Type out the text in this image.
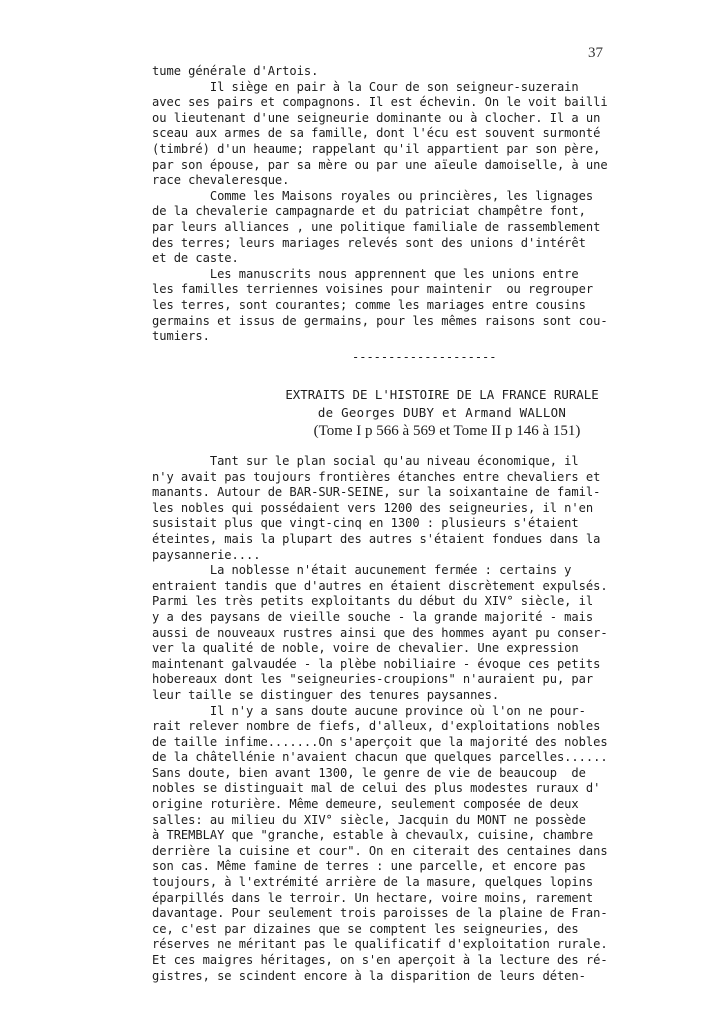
37
tume générale d'Artois.
Il siège en pair à la Cour de son seigneur-suzerain
avec ses pairs et compagnons. Il est échevin. On le voit bailli
ou lieutenant d'une seigneurie dominante ou à clocher. Il a un
sceau aux armes de sa famille, dont l'écu est souvent surmonté
(timbré) d'un heaume; rappelant qu'il appartient par son père,
par son épouse, par sa mère ou par une aïeule damoiselle, à une
race chevaleresque.
Comme les Maisons royales ou princières, les lignages
de la chevalerie campagnarde et du patriciat champêtre font,
par leurs alliances , une politique familiale de rassemblement
des terres; leurs mariages relevés sont des unions d'intérêt
et de caste.
Les manuscrits nous apprennent que les unions entre
les familles terriennes voisines pour maintenir  ou regrouper
les terres, sont courantes; comme les mariages entre cousins
germains et issus de germains, pour les mêmes raisons sont cou-
tumiers.
--------------------
EXTRAITS DE L'HISTOIRE DE LA FRANCE RURALE
de Georges DUBY et Armand WALLON
(Tome I p 566 à 569 et Tome II p 146 à 151)
Tant sur le plan social qu'au niveau économique, il
n'y avait pas toujours frontières étanches entre chevaliers et
manants. Autour de BAR-SUR-SEINE, sur la soixantaine de famil-
les nobles qui possédaient vers 1200 des seigneuries, il n'en
susistait plus que vingt-cinq en 1300 : plusieurs s'étaient
éteintes, mais la plupart des autres s'étaient fondues dans la
paysannerie....
La noblesse n'était aucunement fermée : certains y
entraient tandis que d'autres en étaient discrètement expulsés.
Parmi les très petits exploitants du début du XIV° siècle, il
y a des paysans de vieille souche - la grande majorité - mais
aussi de nouveaux rustres ainsi que des hommes ayant pu conser-
ver la qualité de noble, voire de chevalier. Une expression
maintenant galvaudée - la plèbe nobiliaire - évoque ces petits
hobereaux dont les "seigneuries-croupions" n'auraient pu, par
leur taille se distinguer des tenures paysannes.
Il n'y a sans doute aucune province où l'on ne pour-
rait relever nombre de fiefs, d'alleux, d'exploitations nobles
de taille infime.......On s'aperçoit que la majorité des nobles
de la châtellénie n'avaient chacun que quelques parcelles......
Sans doute, bien avant 1300, le genre de vie de beaucoup  de
nobles se distinguait mal de celui des plus modestes ruraux d'
origine roturière. Même demeure, seulement composée de deux
salles: au milieu du XIV° siècle, Jacquin du MONT ne possède
à TREMBLAY que "granche, estable à chevaulx, cuisine, chambre
derrière la cuisine et cour". On en citerait des centaines dans
son cas. Même famine de terres : une parcelle, et encore pas
toujours, à l'extrémité arrière de la masure, quelques lopins
éparpillés dans le terroir. Un hectare, voire moins, rarement
davantage. Pour seulement trois paroisses de la plaine de Fran-
ce, c'est par dizaines que se comptent les seigneuries, des
réserves ne méritant pas le qualificatif d'exploitation rurale.
Et ces maigres héritages, on s'en aperçoit à la lecture des ré-
gistres, se scindent encore à la disparition de leurs déten-
